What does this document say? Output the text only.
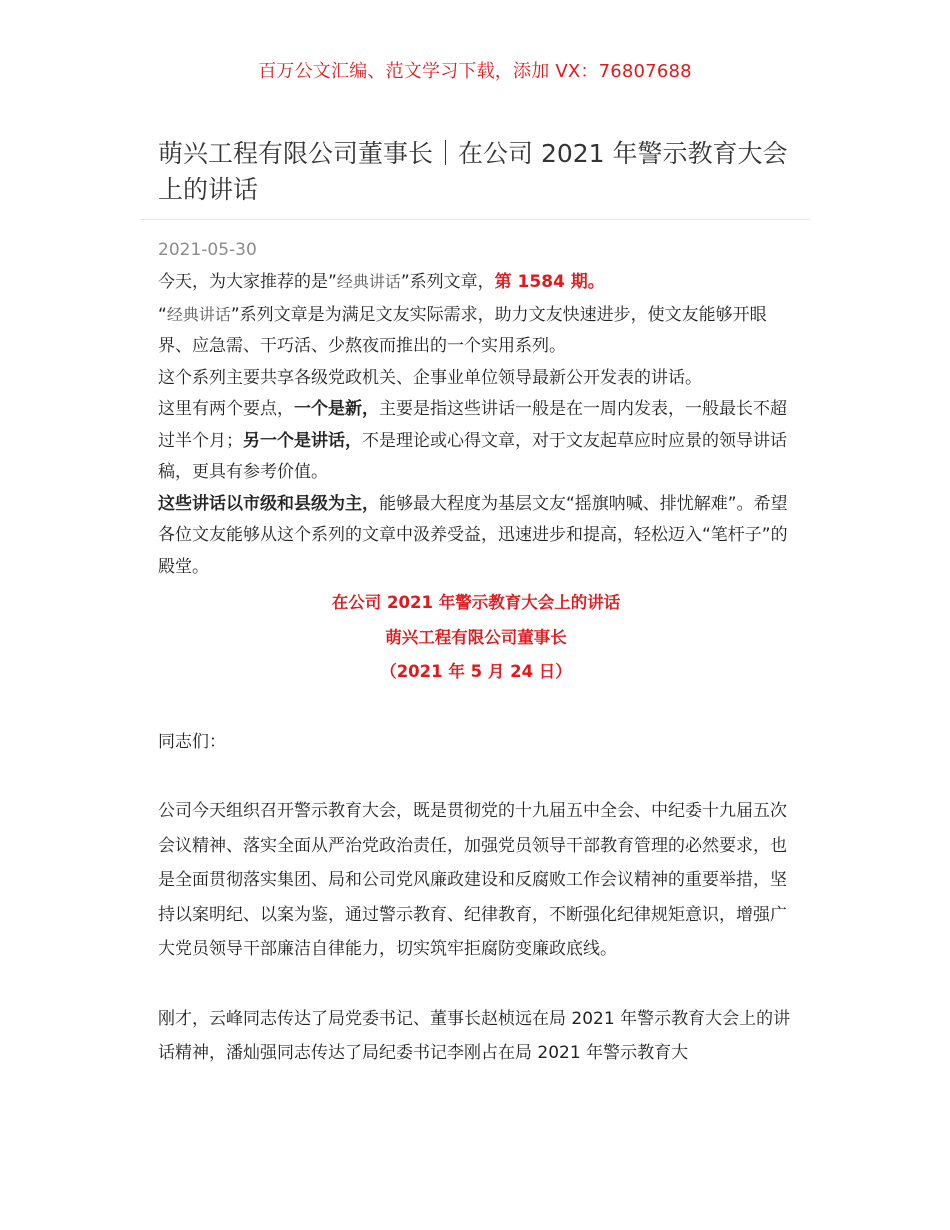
百万公文汇编、范文学习下载，添加 VX：76807688
萌兴工程有限公司董事长｜在公司 2021 年警示教育大会上的讲话
2021-05-30

今天，为大家推荐的是”经典讲话”系列文章，第 1584 期。

“经典讲话”系列文章是为满足文友实际需求，助力文友快速进步，使文友能够开眼界、应急需、干巧活、少熬夜而推出的一个实用系列。

这个系列主要共享各级党政机关、企事业单位领导最新公开发表的讲话。

这里有两个要点，一个是新，主要是指这些讲话一般是在一周内发表，一般最长不超过半个月；另一个是讲话，不是理论或心得文章，对于文友起草应时应景的领导讲话稿，更具有参考价值。

这些讲话以市级和县级为主，能够最大程度为基层文友“摇旗呐喊、排忧解难”。希望各位文友能够从这个系列的文章中汲养受益，迅速进步和提高，轻松迈入“笔杆子”的殿堂。

在公司 2021 年警示教育大会上的讲话

萌兴工程有限公司董事长

（2021 年 5 月 24 日）

同志们：

公司今天组织召开警示教育大会，既是贯彻党的十九届五中全会、中纪委十九届五次会议精神、落实全面从严治党政治责任，加强党员领导干部教育管理的必然要求，也是全面贯彻落实集团、局和公司党风廉政建设和反腐败工作会议精神的重要举措，坚持以案明纪、以案为鉴，通过警示教育、纪律教育，不断强化纪律规矩意识，增强广大党员领导干部廉洁自律能力，切实筑牢拒腐防变廉政底线。

刚才，云峰同志传达了局党委书记、董事长赵桢远在局 2021 年警示教育大会上的讲话精神，潘灿强同志传达了局纪委书记李刚占在局 2021 年警示教育大
